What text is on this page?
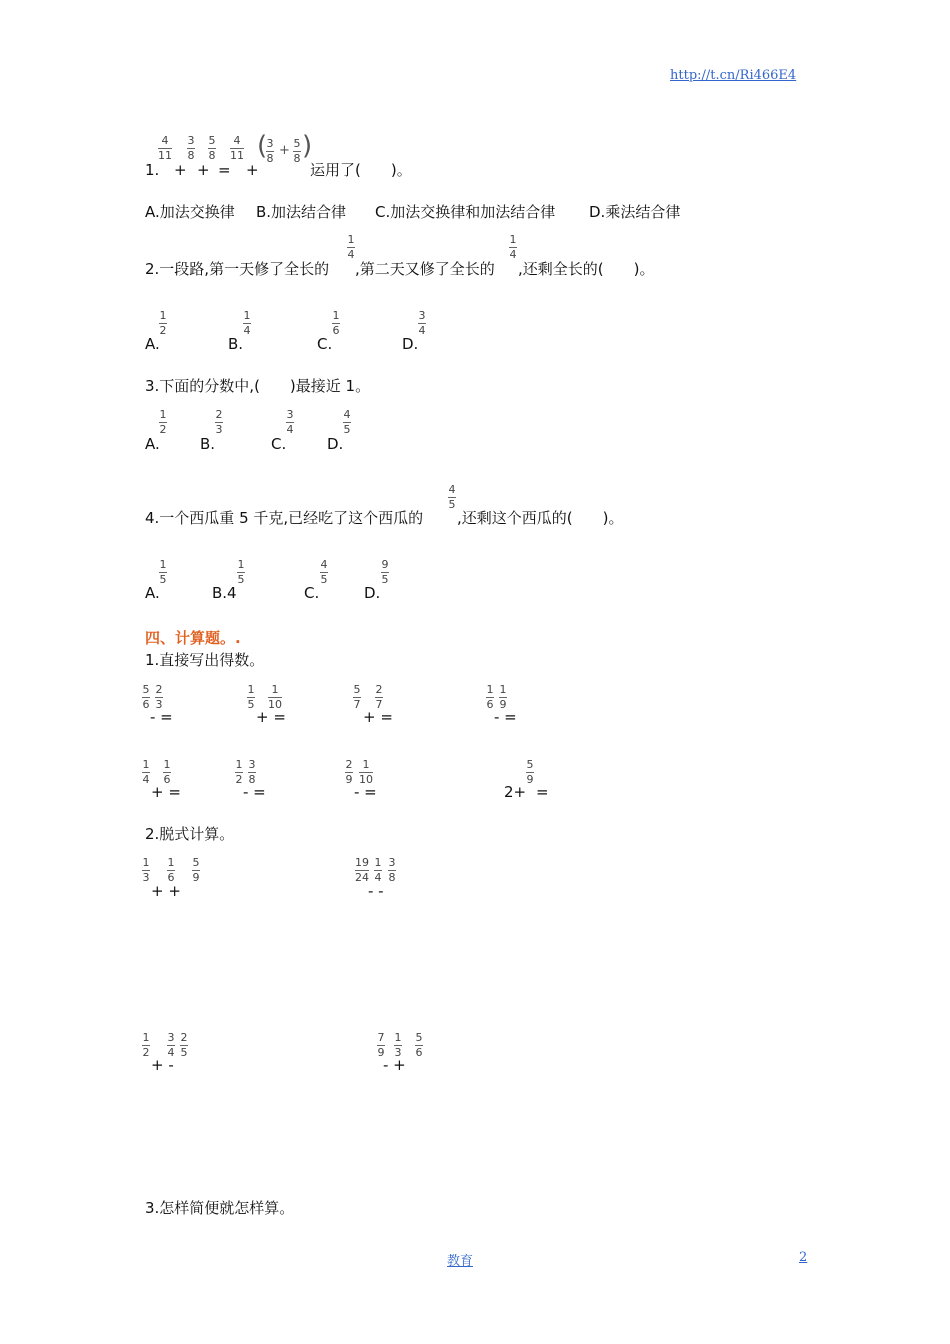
http://t.cn/Ri466E4
1.
4
11
+
3
8
+
5
8
=
4
11
+
( 3
8
+ 5
8 )
运用了(　　)。
A.加法交换律 B.加法结合律 C.加法交换律和加法结合律 D.乘法结合律
2.一段路,第一天修了全长的
1
4
,第二天又修了全长的
1
4
,还剩全长的(　　)。
A.
1
2
B.
1
4
C.
1
6
D.
3
4
3.下面的分数中,(　　)最接近 1。
A.
1
2
B.
2
3
C.
3
4
D.
4
5
4.一个西瓜重 5 千克,已经吃了这个西瓜的
4
5
,还剩这个西瓜的(　　)。
A.
1
5
B.4
1
5
C.
4
5
D.
9
5
四、计算题。.
1.直接写出得数。
5
6
2
3
- =
1
5
1
10
+ =
5
7
2
7
+ =
1
6
1
9
- =
1
4
1
6
+ =
1
2
3
8
- =
2
9
1
10
- =	2+
5
9
=
2.脱式计算。
1
3
1
6
5
9
+ +
19
24
1
4
3
8
- -
1
2
3
4
2
5
+ -
7
9
1
3
5
6
- +
3.怎样简便就怎样算。
教育	2
